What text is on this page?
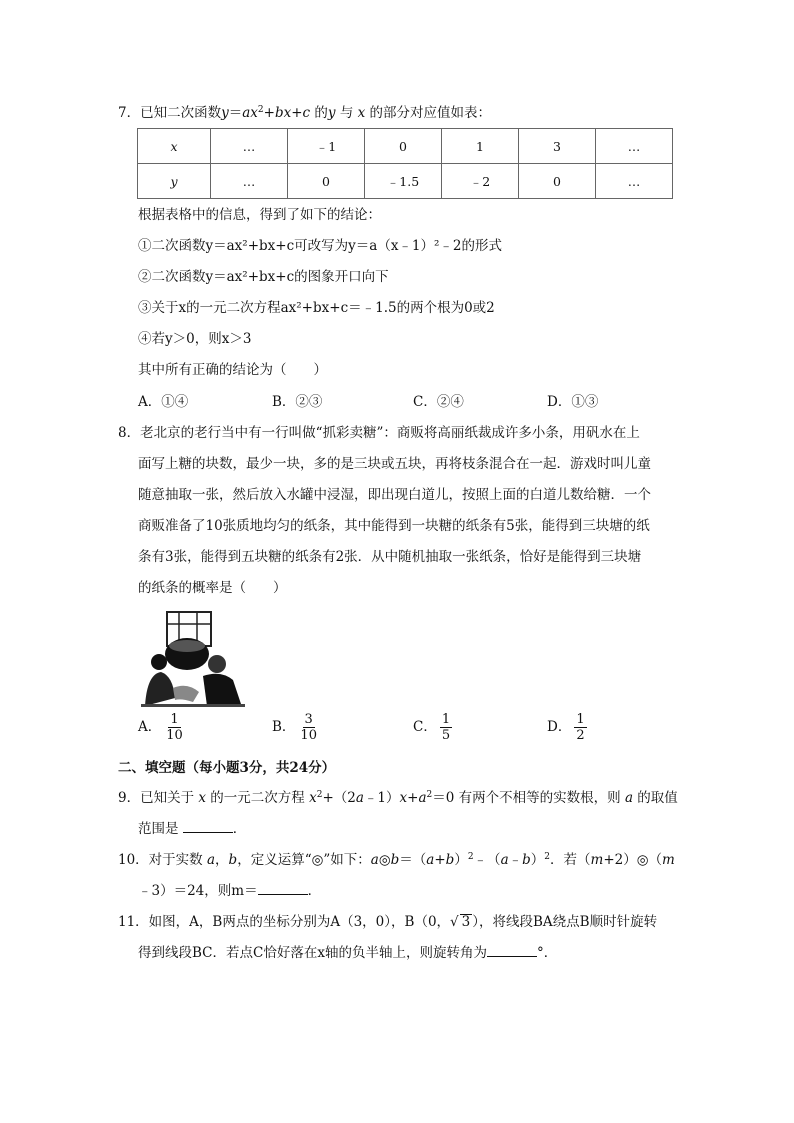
7．已知二次函数$y=ax^2+bx+c$ 的y 与 x 的部分对应值如表：
x	…	﹣1	0	1	3	…
y	…	0	﹣1.5	﹣2	0	…
根据表格中的信息，得到了如下的结论：
①二次函数y＝ax²+bx+c可改写为y＝a（x﹣1）²﹣2的形式
②二次函数y＝ax²+bx+c的图象开口向下
③关于x的一元二次方程ax²+bx+c＝﹣1.5的两个根为0或2
④若y＞0，则x＞3
其中所有正确的结论为（　　）
A．①④	B．②③	C．②④	D．①③
8．老北京的老行当中有一行叫做“抓彩卖糖”：商贩将高丽纸裁成许多小条，用矾水在上
面写上糖的块数，最少一块，多的是三块或五块，再将枝条混合在一起．游戏时叫儿童
随意抽取一张，然后放入水罐中浸湿，即出现白道儿，按照上面的白道儿数给糖．一个
商贩准备了10张质地均匀的纸条，其中能得到一块糖的纸条有5张，能得到三块塘的纸
条有3张，能得到五块糖的纸条有2张．从中随机抽取一张纸条，恰好是能得到三块塘
的纸条的概率是（　　）
A． $\frac{1}{10}$	B． $\frac{3}{10}$	C． $\frac{1}{5}$	D． $\frac{1}{2}$
二、填空题（每小题3分，共24分）
9．已知关于 x 的一元二次方程 $x^2+(2a﹣1)x+a^2=0$ 有两个不相等的实数根，则 a 的取值
范围是	．
10．对于实数 a，b，定义运算“◎”如下：$a◎b=(a+b)^2﹣(a﹣b)^2$．若（m+2）◎（m
﹣3）＝24，则m＝	．
11．如图，A，B两点的坐标分别为A（3，0），B（0，√ 3 ），将线段BA绕点B顺时针旋转
得到线段BC．若点C恰好落在x轴的负半轴上，则旋转角为	°．
